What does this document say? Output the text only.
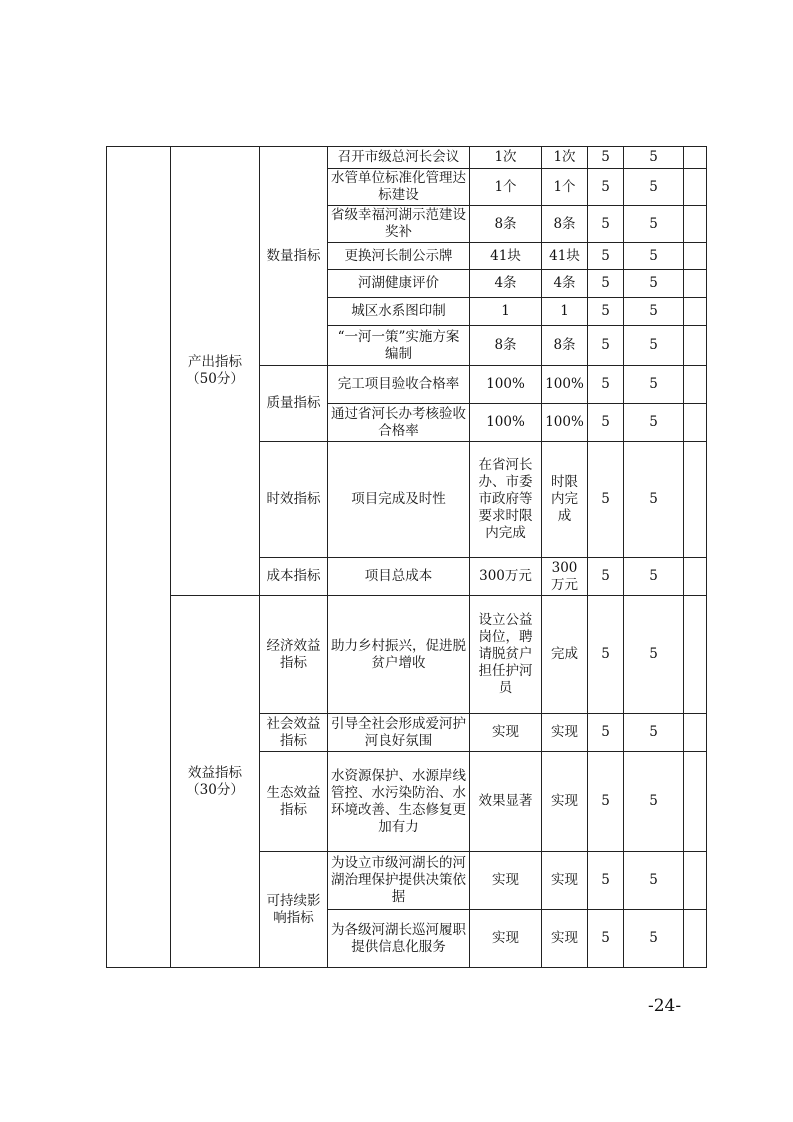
	产出指标（50分）	数量指标	召开市级总河长会议	1次	1次	5	5		
			水管单位标准化管理达标建设	1个	1个	5	5		
			省级幸福河湖示范建设奖补	8条	8条	5	5		
			更换河长制公示牌	41块	41块	5	5		
			河湖健康评价	4条	4条	5	5		
			城区水系图印制	1	1	5	5		
			“一河一策”实施方案编制	8条	8条	5	5		
		质量指标	完工项目验收合格率	100%	100%	5	5		
			通过省河长办考核验收合格率	100%	100%	5	5		
		时效指标	项目完成及时性	在省河长办、市委市政府等要求时限内完成	时限内完成	5	5		
		成本指标	项目总成本	300万元	300万元	5	5		
	效益指标（30分）	经济效益指标	助力乡村振兴，促进脱贫户增收	设立公益岗位，聘请脱贫户担任护河员	完成	5	5		
		社会效益指标	引导全社会形成爱河护河良好氛围	实现	实现	5	5		
		生态效益指标	水资源保护、水源岸线管控、水污染防治、水环境改善、生态修复更加有力	效果显著	实现	5	5		
		可持续影响指标	为设立市级河湖长的河湖治理保护提供决策依据	实现	实现	5	5		
			为各级河湖长巡河履职提供信息化服务	实现	实现	5	5		
-24-
